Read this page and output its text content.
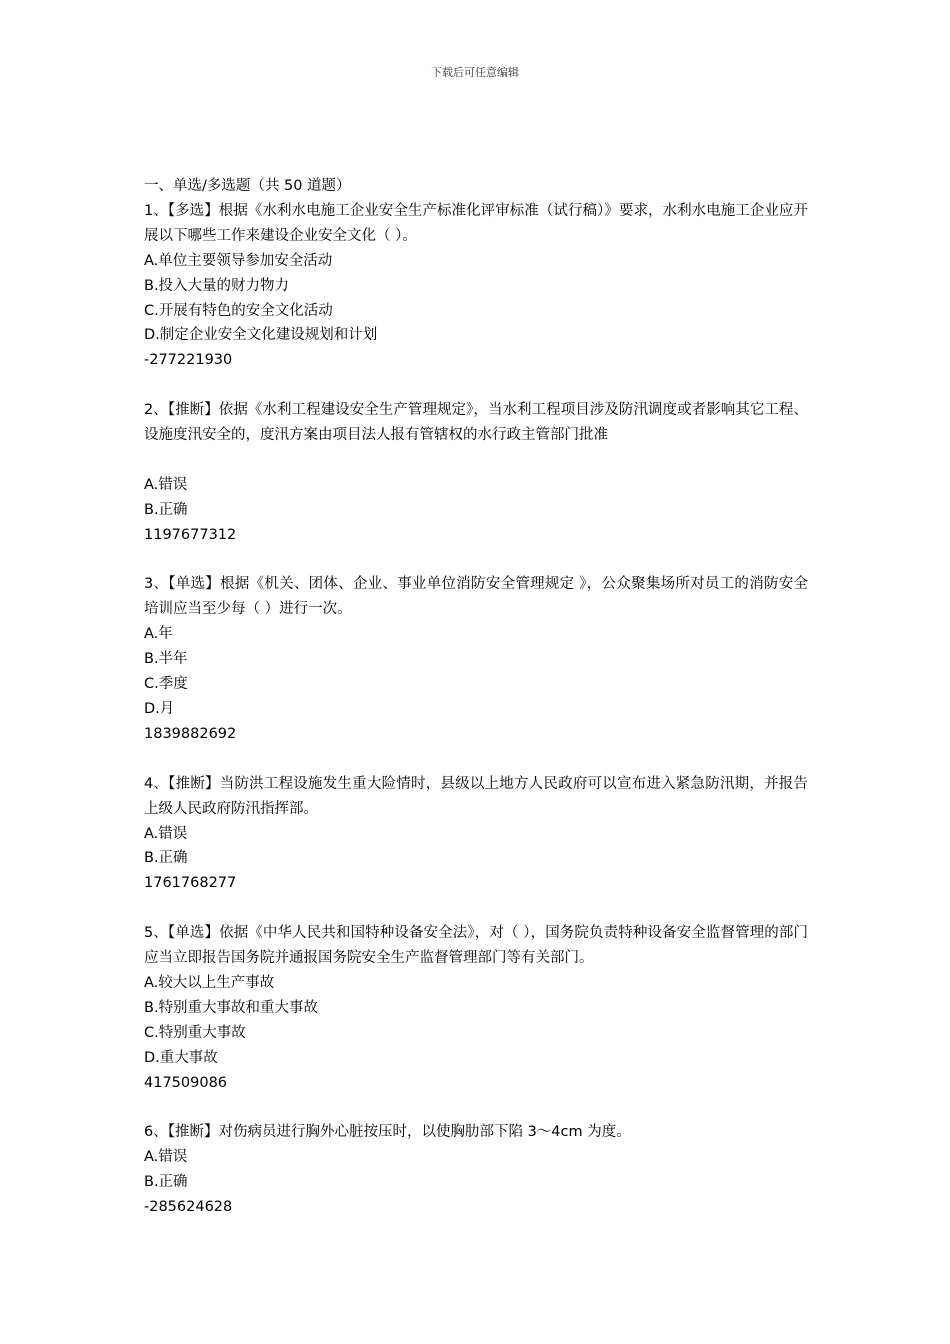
下载后可任意编辑

一、单选/多选题（共 50 道题）

1、【多选】根据《水利水电施工企业安全生产标准化评审标准（试行稿）》要求，水利水电施工企业应开展以下哪些工作来建设企业安全文化（ ）。

A.单位主要领导参加安全活动

B.投入大量的财力物力

C.开展有特色的安全文化活动

D.制定企业安全文化建设规划和计划

-277221930

2、【推断】依据《水利工程建设安全生产管理规定》，当水利工程项目涉及防汛调度或者影响其它工程、设施度汛安全的，度汛方案由项目法人报有管辖权的水行政主管部门批准

A.错误

B.正确

1197677312

3、【单选】根据《机关、团体、企业、事业单位消防安全管理规定 》，公众聚集场所对员工的消防安全培训应当至少每（ ）进行一次。

A.年

B.半年

C.季度

D.月

1839882692

4、【推断】当防洪工程设施发生重大险情时，县级以上地方人民政府可以宣布进入紧急防汛期，并报告上级人民政府防汛指挥部。

A.错误

B.正确

1761768277

5、【单选】依据《中华人民共和国特种设备安全法》，对（ ），国务院负责特种设备安全监督管理的部门应当立即报告国务院并通报国务院安全生产监督管理部门等有关部门。

A.较大以上生产事故

B.特别重大事故和重大事故

C.特别重大事故

D.重大事故

417509086

6、【推断】对伤病员进行胸外心脏按压时，以使胸肋部下陷 3～4cm 为度。

A.错误

B.正确

-285624628
